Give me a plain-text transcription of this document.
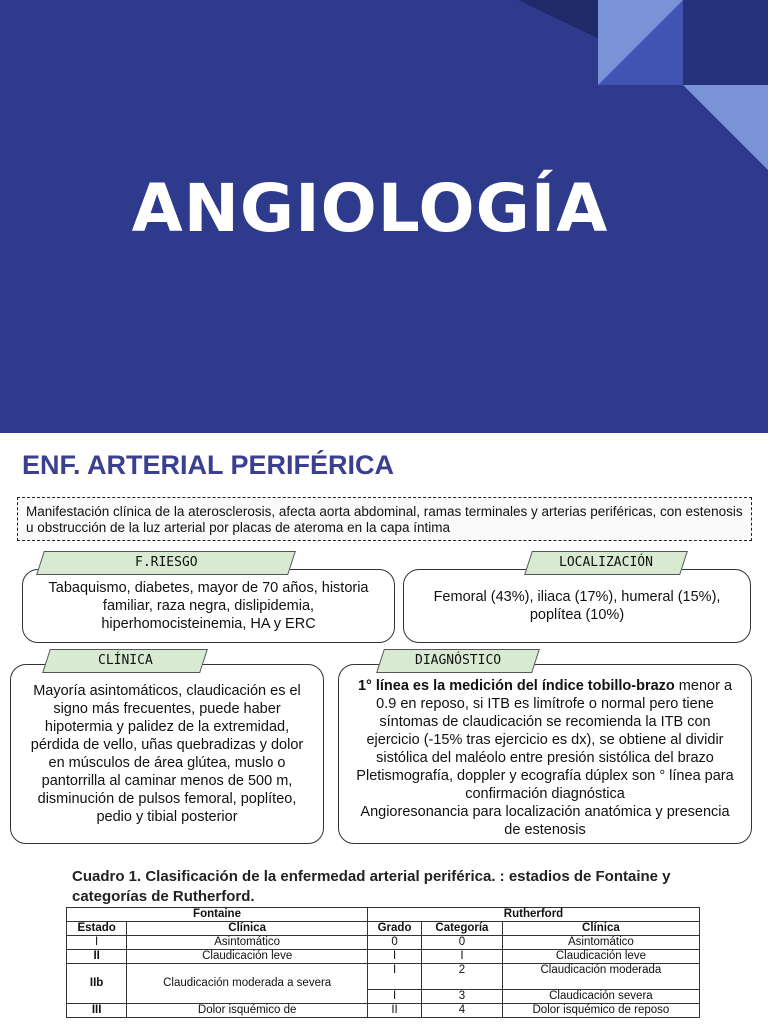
ANGIOLOGÍA
ENF. ARTERIAL PERIFÉRICA
Manifestación clínica de la aterosclerosis, afecta aorta abdominal, ramas terminales y arterias periféricas, con estenosis u obstrucción de la luz arterial por placas de ateroma en la capa íntima
Tabaquismo, diabetes, mayor de 70 años, historia familiar, raza negra, dislipidemia, hiperhomocisteinemia, HA y ERC
F.RIESGO
Femoral (43%), iliaca (17%), humeral (15%), poplítea (10%)
LOCALIZACIÓN
Mayoría asintomáticos, claudicación es el signo más frecuentes, puede haber hipotermia y palidez de la extremidad, pérdida de vello, uñas quebradizas y dolor en músculos de área glútea, muslo o pantorrilla al caminar menos de 500 m, disminución de pulsos femoral, poplíteo, pedio y tibial posterior
CLÍNICA
1° línea es la medición del índice tobillo-brazo menor a 0.9 en reposo, si ITB es limítrofe o normal pero tiene síntomas de claudicación se recomienda la ITB con ejercicio (-15% tras ejercicio es dx), se obtiene al dividir sistólica del maléolo entre presión sistólica del brazo
Pletismografía, doppler y ecografía dúplex son ° línea para confirmación diagnóstica
Angioresonancia para localización anatómica y presencia de estenosis
DIAGNÓSTICO
Cuadro 1. Clasificación de la enfermedad arterial periférica. : estadios de Fontaine y categorías de Rutherford.
Fontaine		Rutherford		
Estado	Clínica	Grado	Categoría	Clínica
I	Asintomático	0	0	Asintomático
II	Claudicación leve	I	I	Claudicación leve
IIb	Claudicación moderada a severa	I	2	Claudicación moderada
		I	3	Claudicación severa
III	Dolor isquémico de	II	4	Dolor isquémico de reposo
